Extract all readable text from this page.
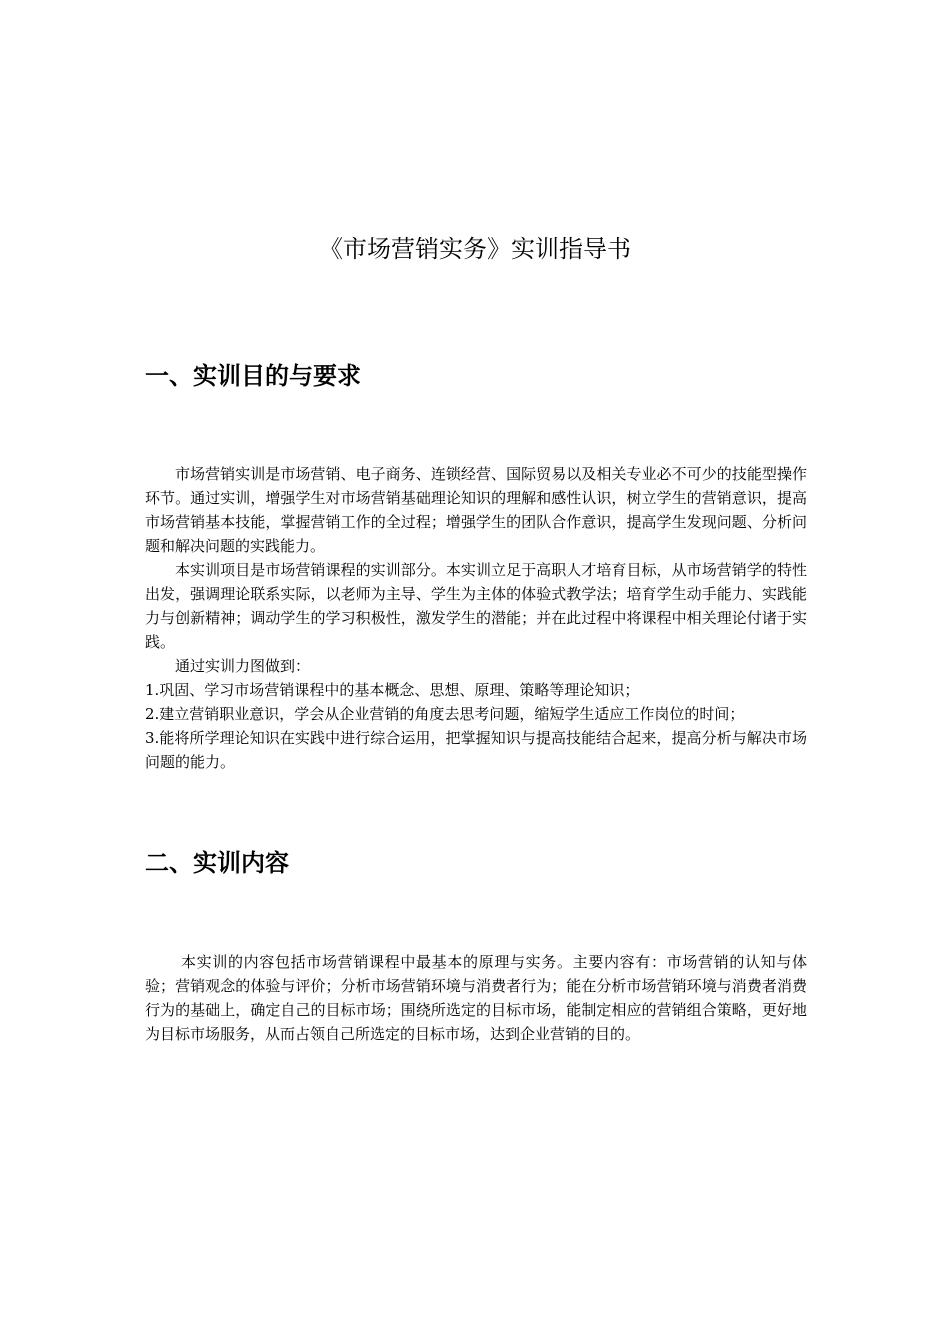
《市场营销实务》实训指导书
一、实训目的与要求

市场营销实训是市场营销、电子商务、连锁经营、国际贸易以及相关专业必不可少的技能型操作环节。通过实训，增强学生对市场营销基础理论知识的理解和感性认识，树立学生的营销意识，提高市场营销基本技能，掌握营销工作的全过程；增强学生的团队合作意识，提高学生发现问题、分析问题和解决问题的实践能力。

本实训项目是市场营销课程的实训部分。本实训立足于高职人才培育目标，从市场营销学的特性出发，强调理论联系实际，以老师为主导、学生为主体的体验式教学法；培育学生动手能力、实践能力与创新精神；调动学生的学习积极性，激发学生的潜能；并在此过程中将课程中相关理论付诸于实践。

通过实训力图做到：

1.巩固、学习市场营销课程中的基本概念、思想、原理、策略等理论知识；

2.建立营销职业意识，学会从企业营销的角度去思考问题，缩短学生适应工作岗位的时间；

3.能将所学理论知识在实践中进行综合运用，把掌握知识与提高技能结合起来，提高分析与解决市场问题的能力。

二、实训内容

本实训的内容包括市场营销课程中最基本的原理与实务。主要内容有：市场营销的认知与体验；营销观念的体验与评价；分析市场营销环境与消费者行为；能在分析市场营销环境与消费者消费行为的基础上，确定自己的目标市场；围绕所选定的目标市场，能制定相应的营销组合策略，更好地为目标市场服务，从而占领自己所选定的目标市场，达到企业营销的目的。
